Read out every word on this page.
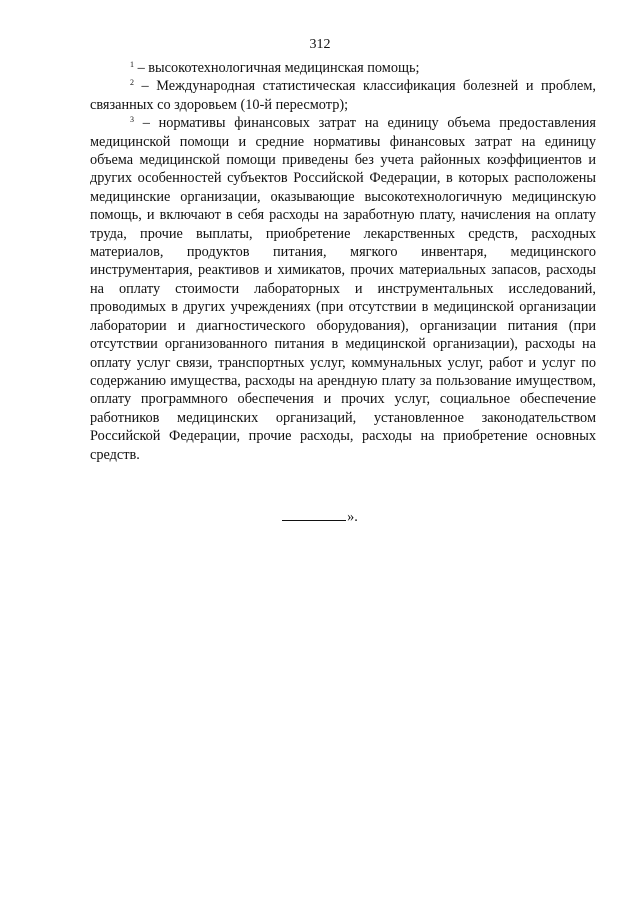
312

$^1$ – высокотехнологичная медицинская помощь;

$^2$ – Международная статистическая классификация болезней и проблем, связанных со здоровьем (10-й пересмотр);

$^3$ – нормативы финансовых затрат на единицу объема предоставления медицинской помощи и средние нормативы финансовых затрат на единицу объема медицинской помощи приведены без учета районных коэффициентов и других особенностей субъектов Российской Федерации, в которых расположены медицинские организации, оказывающие высокотехнологичную медицинскую помощь, и включают в себя расходы на заработную плату, начисления на оплату труда, прочие выплаты, приобретение лекарственных средств, расходных материалов, продуктов питания, мягкого инвентаря, медицинского инструментария, реактивов и химикатов, прочих материальных запасов, расходы на оплату стоимости лабораторных и инструментальных исследований, проводимых в других учреждениях (при отсутствии в медицинской организации лаборатории и диагностического оборудования), организации питания (при отсутствии организованного питания в медицинской организации), расходы на оплату услуг связи, транспортных услуг, коммунальных услуг, работ и услуг по содержанию имущества, расходы на арендную плату за пользование имуществом, оплату программного обеспечения и прочих услуг, социальное обеспечение работников медицинских организаций, установленное законодательством Российской Федерации, прочие расходы, расходы на приобретение основных средств.

».
